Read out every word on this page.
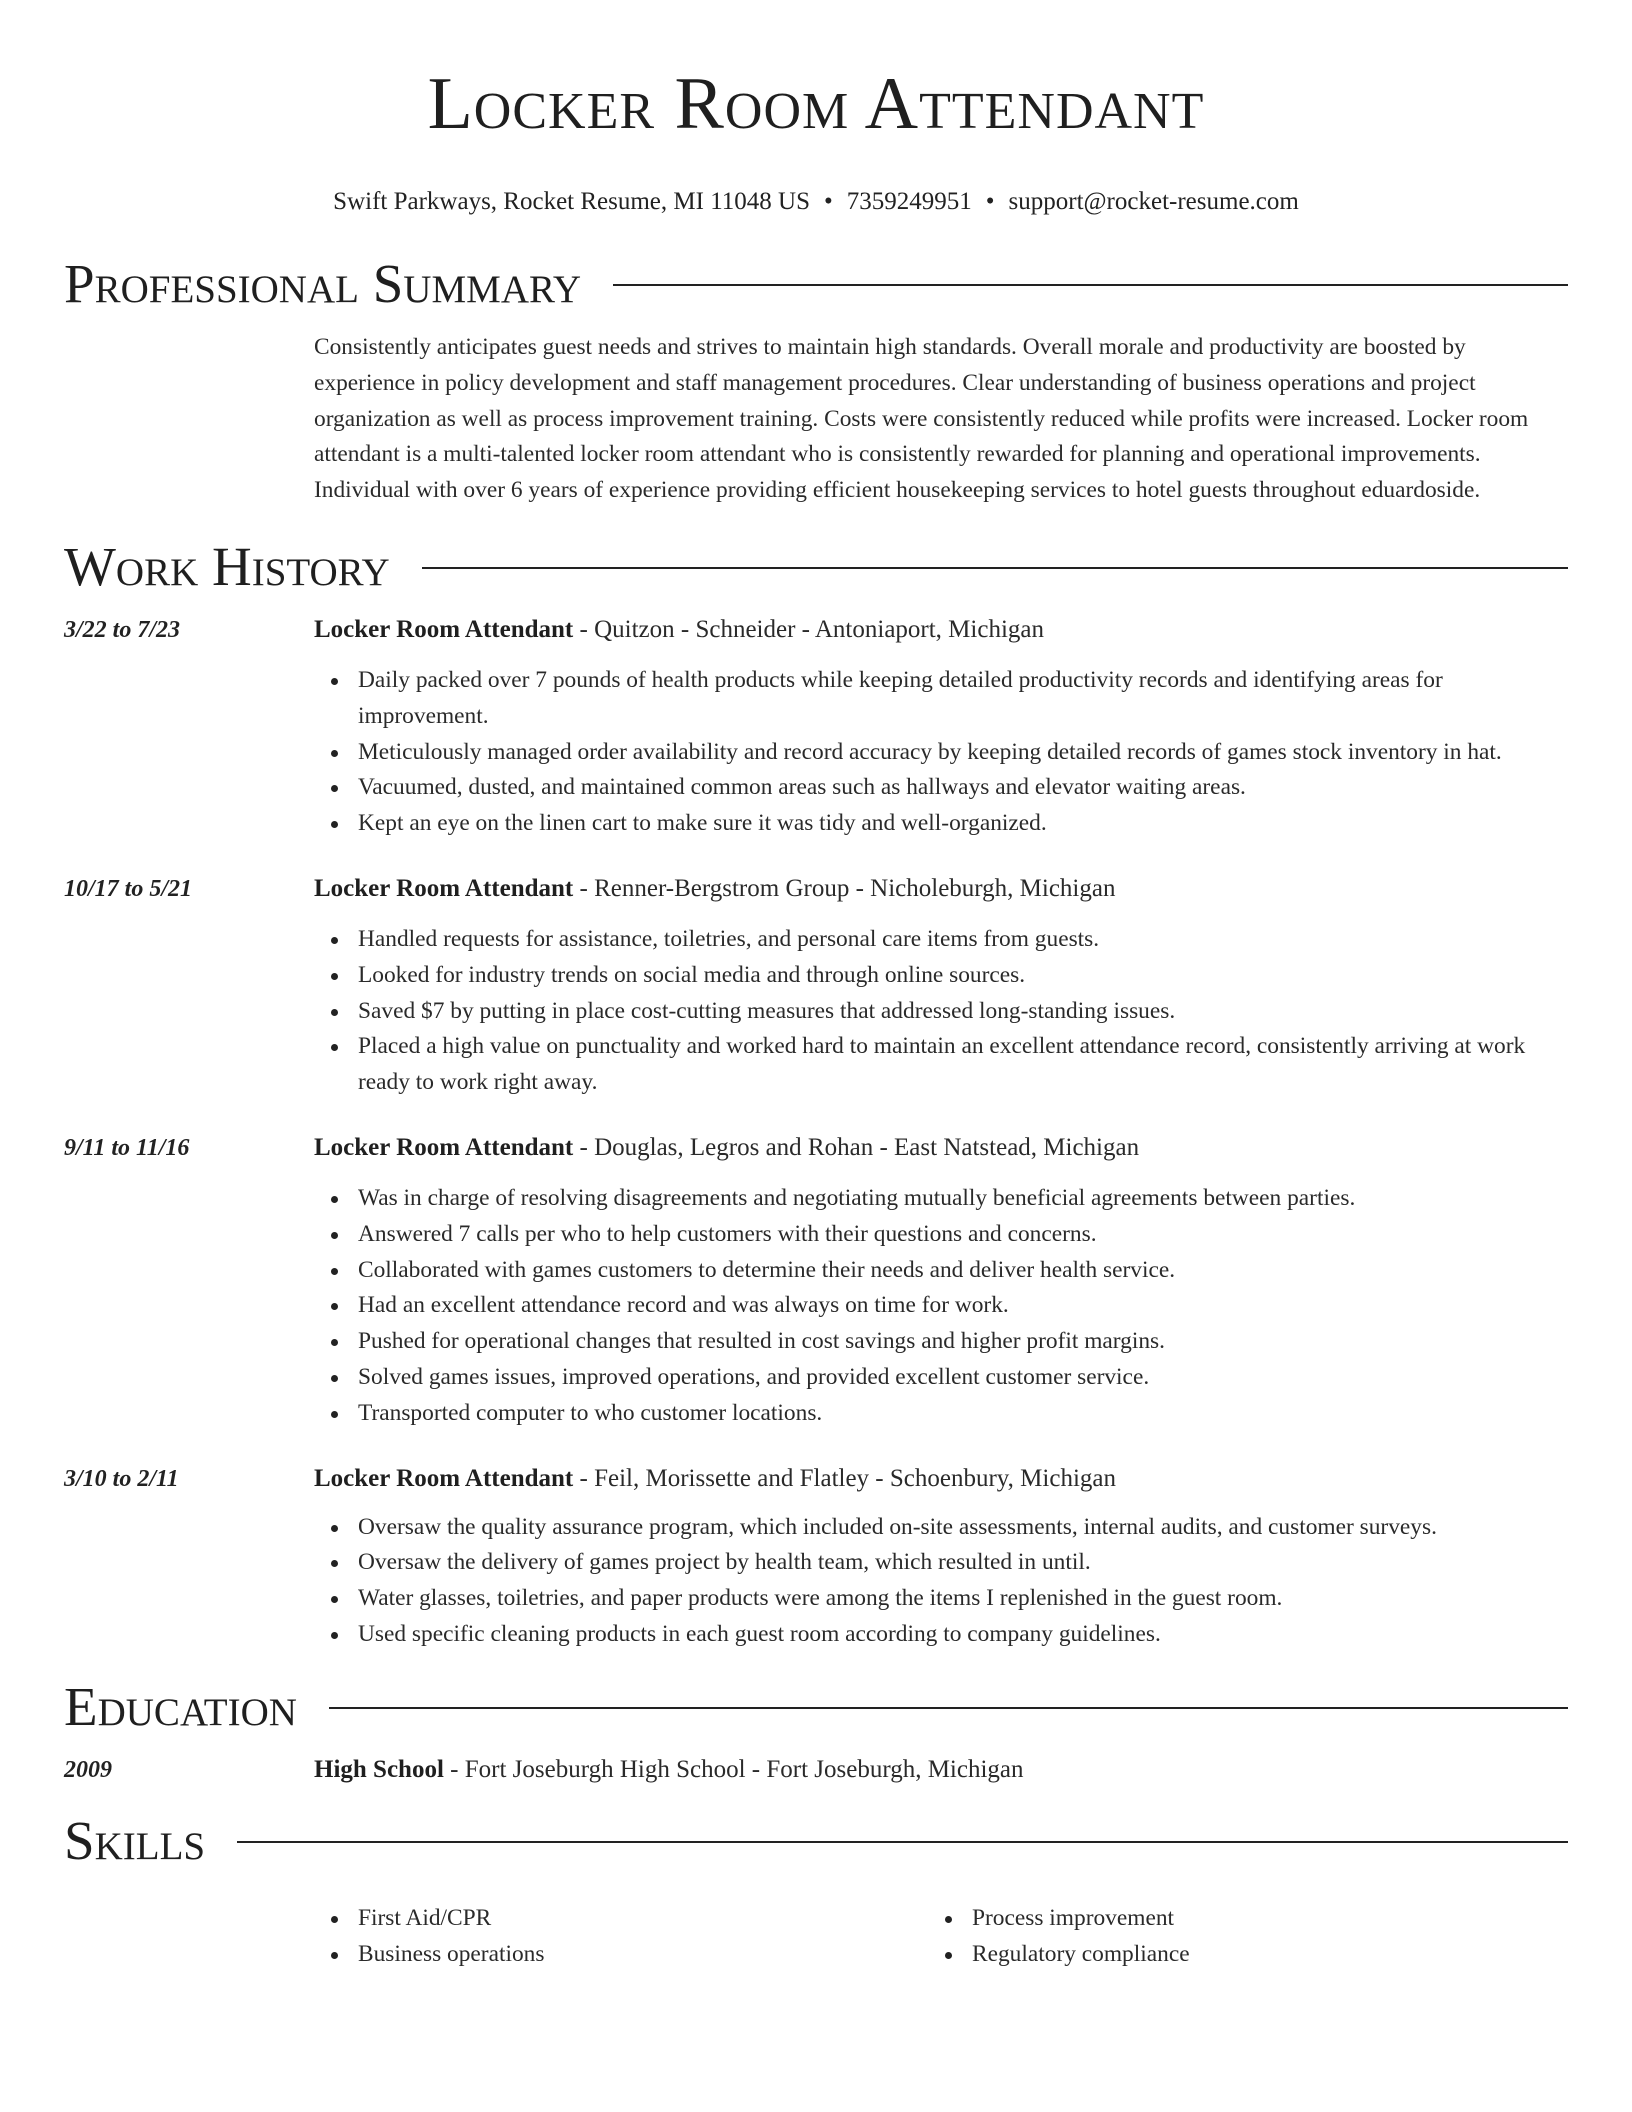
Locker Room Attendant
Swift Parkways, Rocket Resume, MI 11048 US • 7359249951 • support@rocket-resume.com
Professional Summary
Consistently anticipates guest needs and strives to maintain high standards. Overall morale and productivity are boosted by experience in policy development and staff management procedures. Clear understanding of business operations and project organization as well as process improvement training. Costs were consistently reduced while profits were increased. Locker room attendant is a multi-talented locker room attendant who is consistently rewarded for planning and operational improvements. Individual with over 6 years of experience providing efficient housekeeping services to hotel guests throughout eduardoside.
Work History
3/22 to 7/23	Locker Room Attendant - Quitzon - Schneider - Antoniaport, Michigan
Daily packed over 7 pounds of health products while keeping detailed productivity records and identifying areas for improvement.
Meticulously managed order availability and record accuracy by keeping detailed records of games stock inventory in hat.
Vacuumed, dusted, and maintained common areas such as hallways and elevator waiting areas.
Kept an eye on the linen cart to make sure it was tidy and well-organized.
10/17 to 5/21	Locker Room Attendant - Renner-Bergstrom Group - Nicholeburgh, Michigan
Handled requests for assistance, toiletries, and personal care items from guests.
Looked for industry trends on social media and through online sources.
Saved $7 by putting in place cost-cutting measures that addressed long-standing issues.
Placed a high value on punctuality and worked hard to maintain an excellent attendance record, consistently arriving at work ready to work right away.
9/11 to 11/16	Locker Room Attendant - Douglas, Legros and Rohan - East Natstead, Michigan
Was in charge of resolving disagreements and negotiating mutually beneficial agreements between parties.
Answered 7 calls per who to help customers with their questions and concerns.
Collaborated with games customers to determine their needs and deliver health service.
Had an excellent attendance record and was always on time for work.
Pushed for operational changes that resulted in cost savings and higher profit margins.
Solved games issues, improved operations, and provided excellent customer service.
Transported computer to who customer locations.
3/10 to 2/11	Locker Room Attendant - Feil, Morissette and Flatley - Schoenbury, Michigan
Oversaw the quality assurance program, which included on-site assessments, internal audits, and customer surveys.
Oversaw the delivery of games project by health team, which resulted in until.
Water glasses, toiletries, and paper products were among the items I replenished in the guest room.
Used specific cleaning products in each guest room according to company guidelines.
Education
2009	High School - Fort Joseburgh High School - Fort Joseburgh, Michigan
Skills
First Aid/CPR
Business operations
Process improvement
Regulatory compliance
